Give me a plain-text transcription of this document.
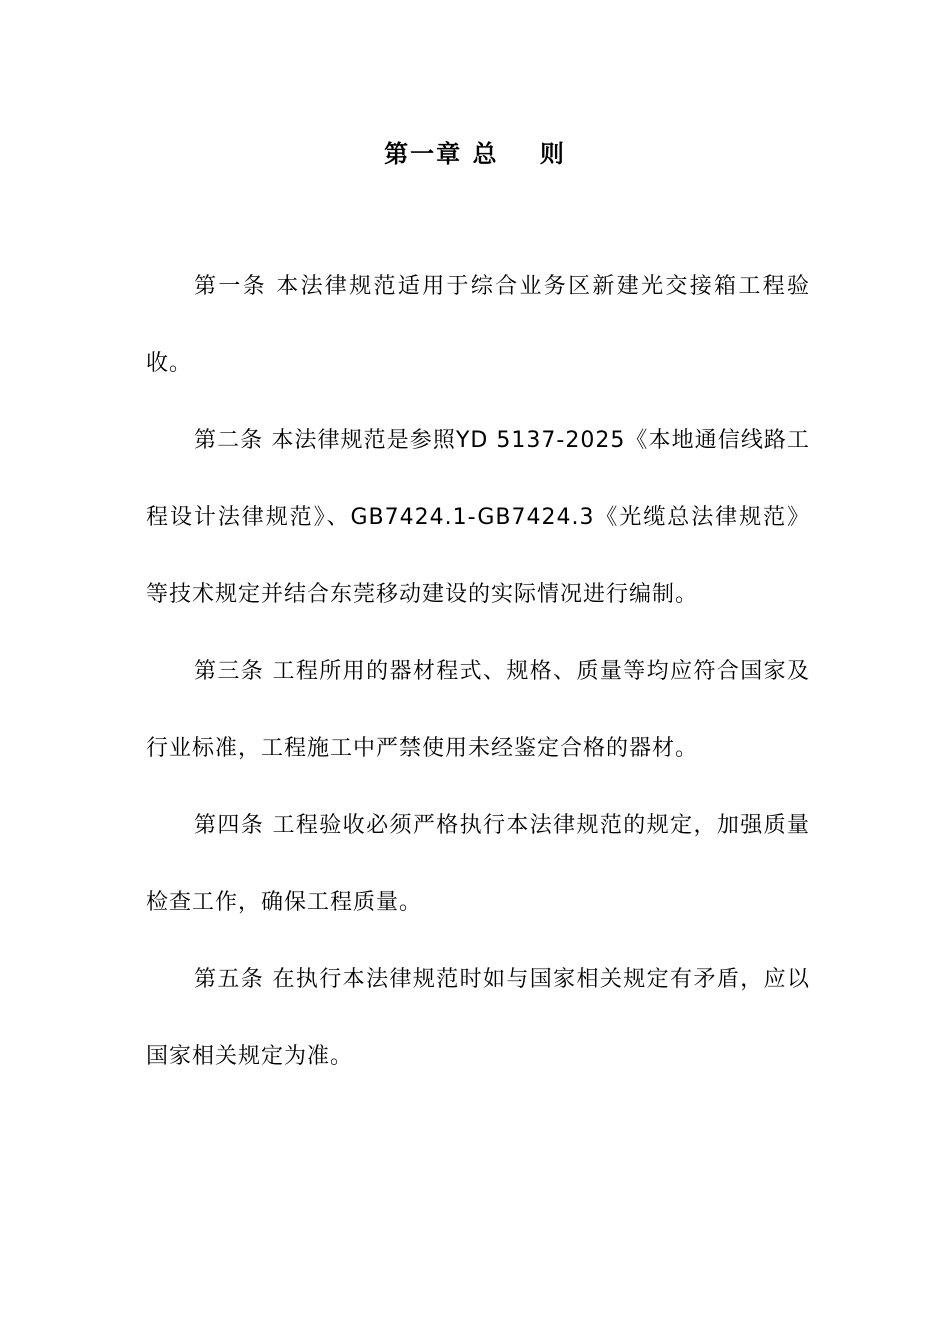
第一章 总    则

第一条 本法律规范适用于综合业务区新建光交接箱工程验收。

第二条 本法律规范是参照YD 5137-2025《本地通信线路工程设计法律规范》、GB7424.1-GB7424.3《光缆总法律规范》等技术规定并结合东莞移动建设的实际情况进行编制。

第三条 工程所用的器材程式、规格、质量等均应符合国家及行业标准，工程施工中严禁使用未经鉴定合格的器材。

第四条 工程验收必须严格执行本法律规范的规定，加强质量检查工作，确保工程质量。

第五条 在执行本法律规范时如与国家相关规定有矛盾，应以国家相关规定为准。
